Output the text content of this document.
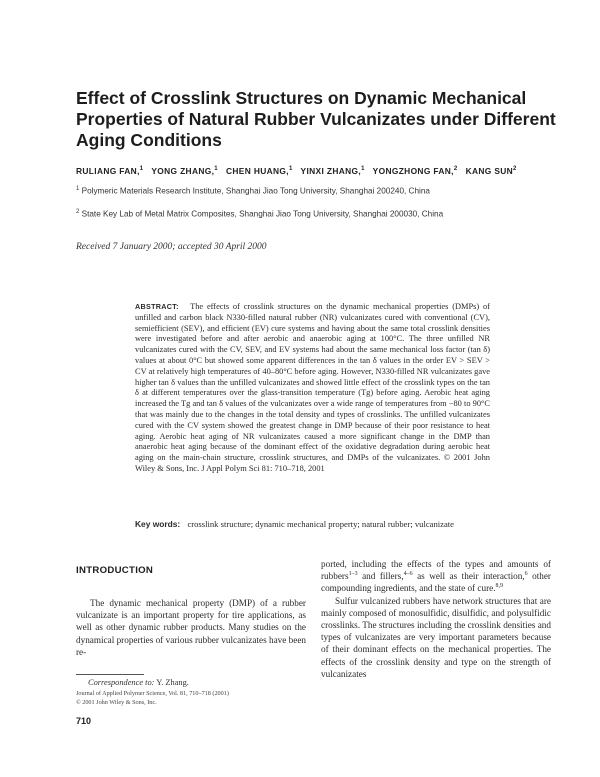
Effect of Crosslink Structures on Dynamic Mechanical
Properties of Natural Rubber Vulcanizates under Different
Aging Conditions
RULIANG FAN,$^1$ YONG ZHANG,$^1$ CHEN HUANG,$^1$ YINXI ZHANG,$^1$ YONGZHONG FAN,$^2$ KANG SUN$^2$
$^1$ Polymeric Materials Research Institute, Shanghai Jiao Tong University, Shanghai 200240, China
$^2$ State Key Lab of Metal Matrix Composites, Shanghai Jiao Tong University, Shanghai 200030, China
Received 7 January 2000; accepted 30 April 2000
ABSTRACT: The effects of crosslink structures on the dynamic mechanical properties (DMPs) of unfilled and carbon black N330-filled natural rubber (NR) vulcanizates cured with conventional (CV), semiefficient (SEV), and efficient (EV) cure systems and having about the same total crosslink densities were investigated before and after aerobic and anaerobic aging at 100°C. The three unfilled NR vulcanizates cured with the CV, SEV, and EV systems had about the same mechanical loss factor (tan δ) values at about 0°C but showed some apparent differences in the tan δ values in the order EV > SEV > CV at relatively high temperatures of 40–80°C before aging. However, N330-filled NR vulcanizates gave higher tan δ values than the unfilled vulcanizates and showed little effect of the crosslink types on the tan δ at different temperatures over the glass-transition temperature (Tg) before aging. Aerobic heat aging increased the Tg and tan δ values of the vulcanizates over a wide range of temperatures from −80 to 90°C that was mainly due to the changes in the total density and types of crosslinks. The unfilled vulcanizates cured with the CV system showed the greatest change in DMP because of their poor resistance to heat aging. Aerobic heat aging of NR vulcanizates caused a more significant change in the DMP than anaerobic heat aging because of the dominant effect of the oxidative degradation during aerobic heat aging on the main-chain structure, crosslink structures, and DMPs of the vulcanizates. © 2001 John Wiley & Sons, Inc. J Appl Polym Sci 81: 710–718, 2001
Key words: crosslink structure; dynamic mechanical property; natural rubber; vulcanizate
INTRODUCTION

The dynamic mechanical property (DMP) of a rubber vulcanizate is an important property for tire applications, as well as other dynamic rubber products. Many studies on the dynamical properties of various rubber vulcanizates have been re-

ported, including the effects of the types and amounts of rubbers$^{1-3}$ and fillers,$^{4-6}$ as well as their interaction,$^6$ other compounding ingredients, and the state of cure.$^{8,9}$

Sulfur vulcanized rubbers have network structures that are mainly composed of monosulfidic, disulfidic, and polysulfidic crosslinks. The structures including the crosslink densities and types of vulcanizates are very important parameters because of their dominant effects on the mechanical properties. The effects of the crosslink density and type on the strength of vulcanizates

Correspondence to: Y. Zhang.
Journal of Applied Polymer Science, Vol. 81, 710–718 (2001)
© 2001 John Wiley & Sons, Inc.
710
